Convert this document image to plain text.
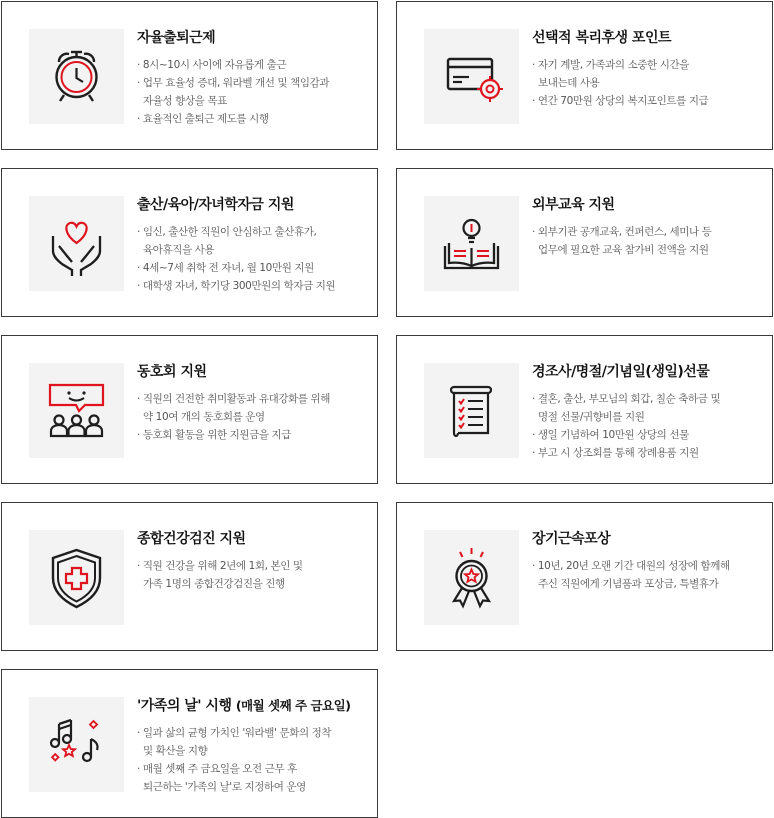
자율출퇴근제
· 8시~10시 사이에 자유롭게 출근
· 업무 효율성 증대, 워라벨 개선 및 책임감과
자율성 향상을 목표
· 효율적인 출퇴근 제도를 시행
선택적 복리후생 포인트
· 자기 계발, 가족과의 소중한 시간을
보내는데 사용
· 연간 70만원 상당의 복지포인트를 지급
출산/육아/자녀학자금 지원
· 임신, 출산한 직원이 안심하고 출산휴가,
육아휴직을 사용
· 4세~7세 취학 전 자녀, 월 10만원 지원
· 대학생 자녀, 학기당 300만원의 학자금 지원
외부교육 지원
· 외부기관 공개교육, 컨퍼런스, 세미나 등
업무에 필요한 교육 참가비 전액을 지원
동호회 지원
· 직원의 건전한 취미활동과 유대강화를 위해
약 10여 개의 동호회를 운영
· 동호회 활동을 위한 지원금을 지급
경조사/명절/기념일(생일)선물
· 결혼, 출산, 부모님의 회갑, 칠순 축하금 및
명절 선물/귀향비를 지원
· 생일 기념하여 10만원 상당의 선물
· 부고 시 상조회를 통해 장례용품 지원
종합건강검진 지원
· 직원 건강을 위해 2년에 1회, 본인 및
가족 1명의 종합건강검진을 진행
장기근속포상
· 10년, 20년 오랜 기간 대원의 성장에 함께해
주신 직원에게 기념품과 포상금, 특별휴가
'가족의 날' 시행 (매월 셋째 주 금요일)
· 일과 삶의 균형 가치인 '워라밸' 문화의 정착
및 확산을 지향
· 매월 셋째 주 금요일을 오전 근무 후
퇴근하는 '가족의 날'로 지정하여 운영
